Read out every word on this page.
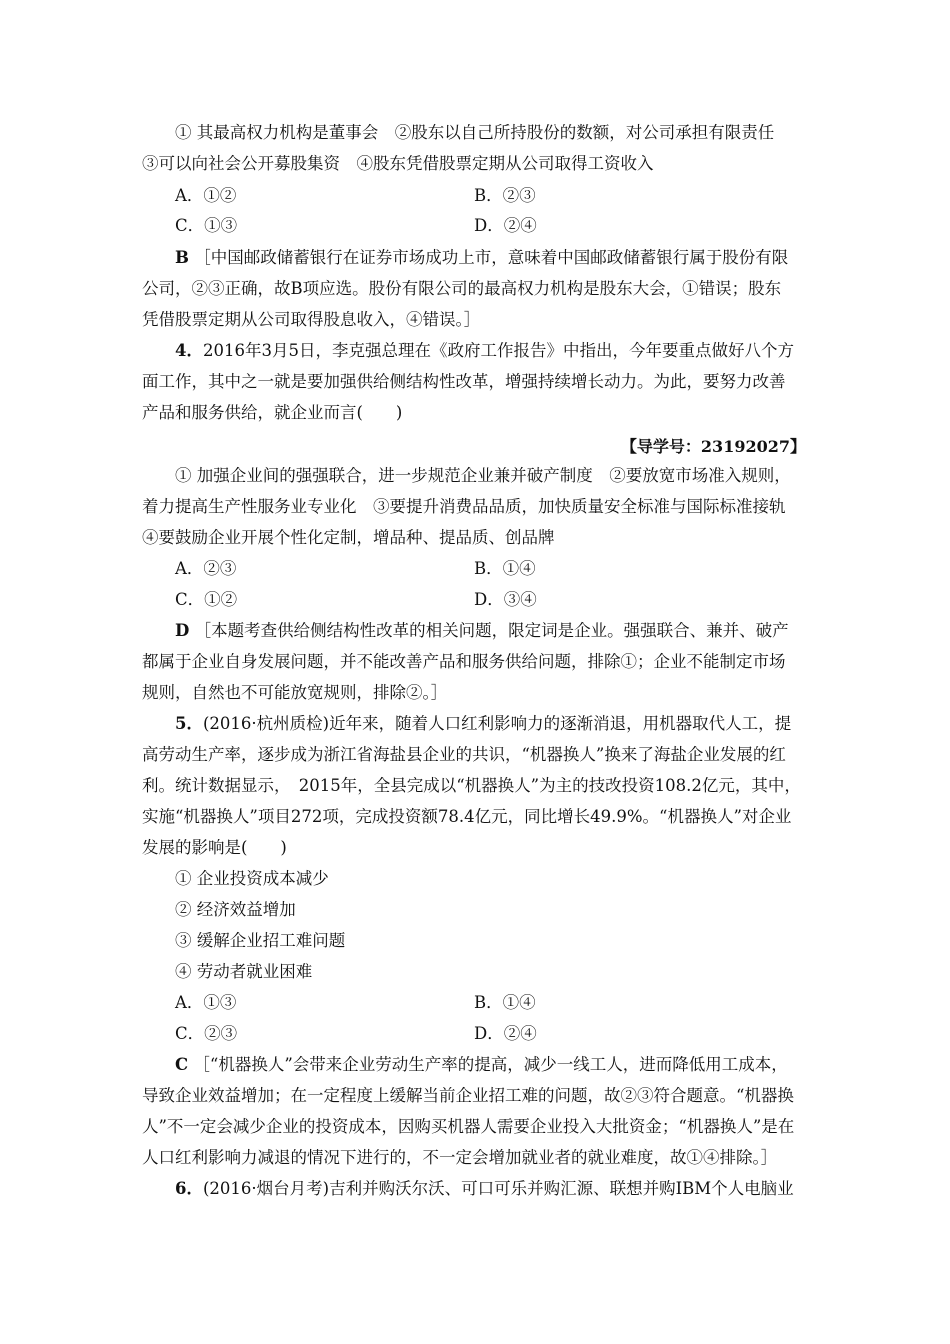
① 其最高权力机构是董事会　②股东以自己所持股份的数额，对公司承担有限责任
③可以向社会公开募股集资　④股东凭借股票定期从公司取得工资收入
A．①②	B．②③
C．①③	D．②④
B ［中国邮政储蓄银行在证券市场成功上市，意味着中国邮政储蓄银行属于股份有限
公司，②③正确，故B项应选。股份有限公司的最高权力机构是股东大会，①错误；股东
凭借股票定期从公司取得股息收入，④错误。］
4．2016年3月5日，李克强总理在《政府工作报告》中指出，今年要重点做好八个方
面工作，其中之一就是要加强供给侧结构性改革，增强持续增长动力。为此，要努力改善
产品和服务供给，就企业而言(　　)
【导学号：23192027】
① 加强企业间的强强联合，进一步规范企业兼并破产制度　②要放宽市场准入规则，
着力提高生产性服务业专业化　③要提升消费品品质，加快质量安全标准与国际标准接轨
④要鼓励企业开展个性化定制，增品种、提品质、创品牌
A．②③	B．①④
C．①②	D．③④
D ［本题考查供给侧结构性改革的相关问题，限定词是企业。强强联合、兼并、破产
都属于企业自身发展问题，并不能改善产品和服务供给问题，排除①；企业不能制定市场
规则，自然也不可能放宽规则，排除②。］
5．(2016·杭州质检)近年来，随着人口红利影响力的逐渐消退，用机器取代人工，提
高劳动生产率，逐步成为浙江省海盐县企业的共识，“机器换人”换来了海盐企业发展的红
利。统计数据显示，　2015年，全县完成以“机器换人”为主的技改投资108.2亿元，其中，
实施“机器换人”项目272项，完成投资额78.4亿元，同比增长49.9%。“机器换人”对企业
发展的影响是(　　)
① 企业投资成本减少
② 经济效益增加
③ 缓解企业招工难问题
④ 劳动者就业困难
A．①③	B．①④
C．②③	D．②④
C ［“机器换人”会带来企业劳动生产率的提高，减少一线工人，进而降低用工成本，
导致企业效益增加；在一定程度上缓解当前企业招工难的问题，故②③符合题意。“机器换
人”不一定会减少企业的投资成本，因购买机器人需要企业投入大批资金；“机器换人”是在
人口红利影响力减退的情况下进行的，不一定会增加就业者的就业难度，故①④排除。］
6．(2016·烟台月考)吉利并购沃尔沃、可口可乐并购汇源、联想并购IBM个人电脑业
